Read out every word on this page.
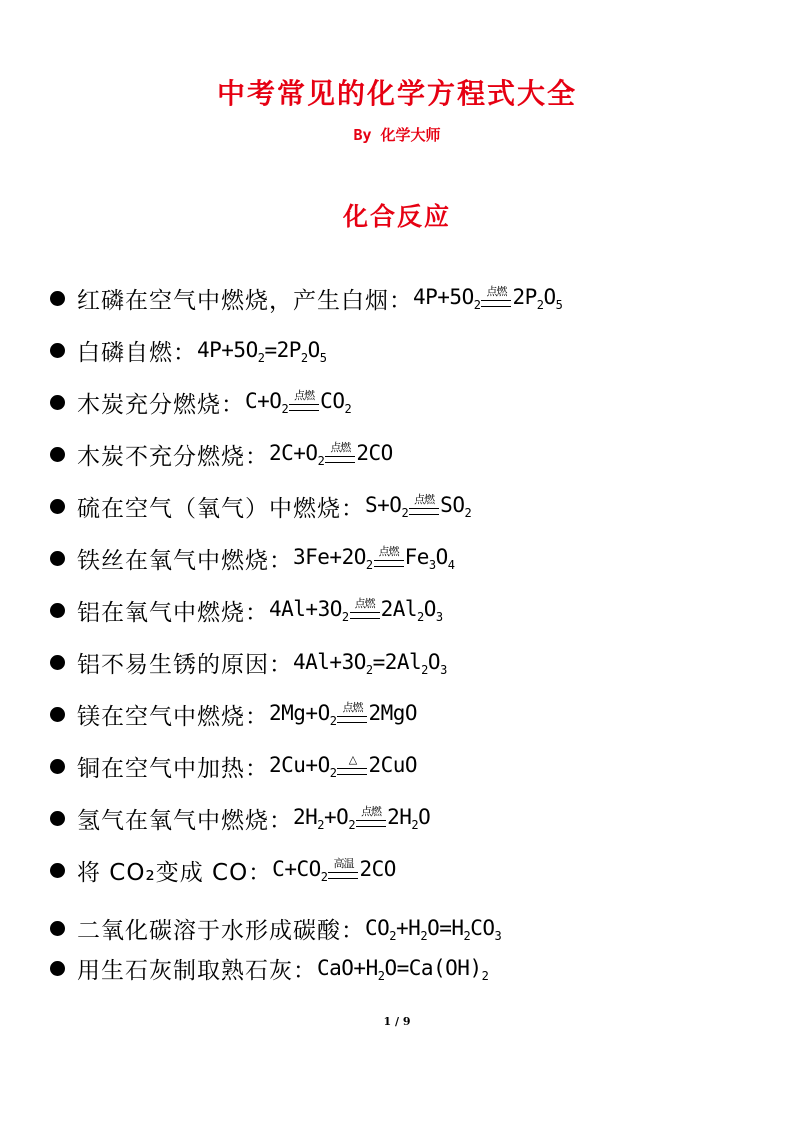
中考常见的化学方程式大全
By 化学大师
化合反应
红磷在空气中燃烧，产生白烟： $4P+5O_2$
点燃 $2P_2O_5$
白磷自燃： $4P+5O_2=2P_2O_5$
木炭充分燃烧： $C+O_2$
点燃 $CO_2$
木炭不充分燃烧： $2C+O_2$
点燃 2CO
硫在空气（氧气）中燃烧： $S+O_2$
点燃 $SO_2$
铁丝在氧气中燃烧： $3Fe+2O_2$
点燃 $Fe_3O_4$
铝在氧气中燃烧： $4Al+3O_2$
点燃 $2Al_2O_3$
铝不易生锈的原因： $4Al+3O_2=2Al_2O_3$
镁在空气中燃烧： $2Mg+O_2$
点燃 2MgO
铜在空气中加热： $2Cu+O_2$
△ 2CuO
氢气在氧气中燃烧： $2H_2+O_2$
点燃 $2H_2O$
将 CO₂变成 CO： $C+CO_2$
高温 2CO
二氧化碳溶于水形成碳酸： $CO_2+H_2O=H_2CO_3$
用生石灰制取熟石灰： $CaO+H_2O=Ca(OH)_2$
1 / 9
